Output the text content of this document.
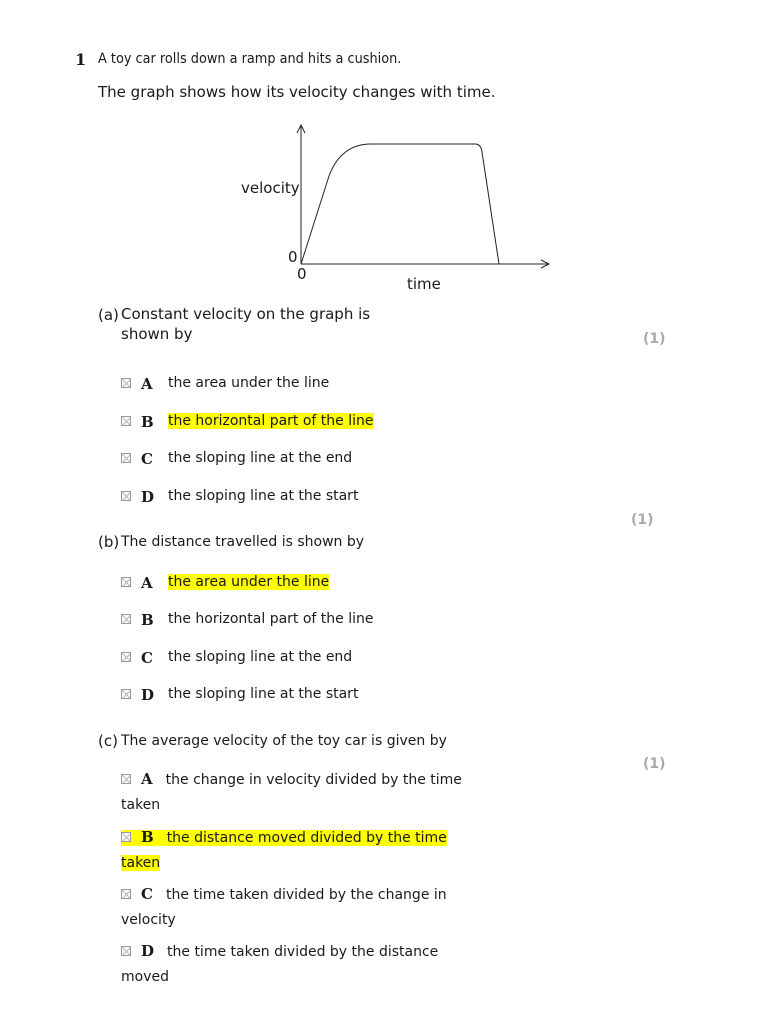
1 A toy car rolls down a ramp and hits a cushion.
The graph shows how its velocity changes with time.
velocity
0
0
time
(a) Constant velocity on the graph is shown by	(1)
A the area under the line
B the horizontal part of the line
C the sloping line at the end
D the sloping line at the start
(1)
(b) The distance travelled is shown by
A the area under the line
B the horizontal part of the line
C the sloping line at the end
D the sloping line at the start
(c) The average velocity of the toy car is given by
(1)
A the change in velocity divided by the time taken
B the distance moved divided by the time taken
C the time taken divided by the change in velocity
D the time taken divided by the distance moved
